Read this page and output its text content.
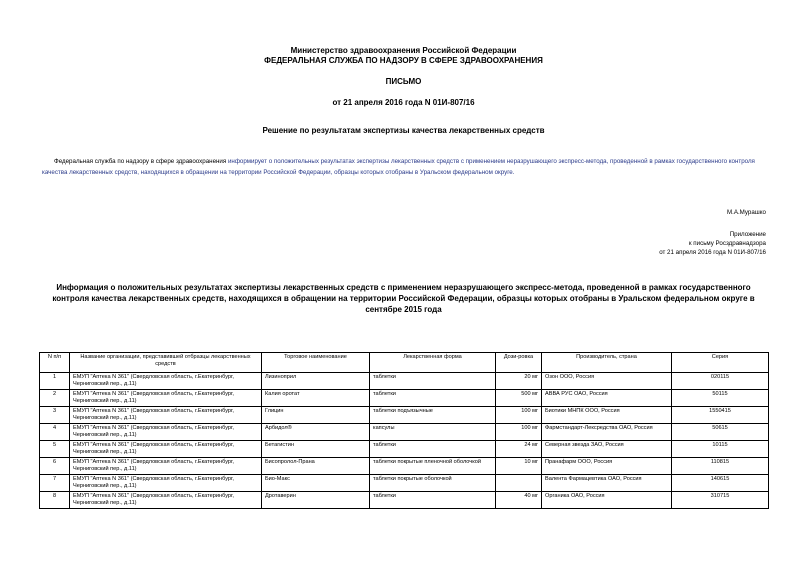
Министерство здравоохранения Российской Федерации
ФЕДЕРАЛЬНАЯ СЛУЖБА ПО НАДЗОРУ В СФЕРЕ ЗДРАВООХРАНЕНИЯ
ПИСЬМО
от 21 апреля 2016 года N 01И-807/16
Решение по результатам экспертизы качества лекарственных средств
Федеральная служба по надзору в сфере здравоохранения информирует о положительных результатах экспертизы лекарственных средств с применением неразрушающего экспресс-метода, проведенной в рамках государственного контроля качества лекарственных средств, находящихся в обращении на территории Российской Федерации, образцы которых отобраны в Уральском федеральном округе.
М.А.Мурашко
Приложение
к письму Росздравнадзора
от 21 апреля 2016 года N 01И-807/16
Информация о положительных результатах экспертизы лекарственных средств с применением неразрушающего экспресс-метода, проведенной в рамках государственного контроля качества лекарственных средств, находящихся в обращении на территории Российской Федерации, образцы которых отобраны в Уральском федеральном округе в сентябре 2015 года
N п/п	Название организации, представившей отбразцы лекарственных средств	Торговое наименование	Лекарственная форма	Дози-ровка	Производитель, страна	Серия
1	ЕМУП "Аптека N 361" (Свердловская область, г.Екатеринбург, Черниговский пер., д.11)	Лизиноприл	таблетки	20 мг	Озон ООО, Россия	020115
2	ЕМУП "Аптека N 361" (Свердловская область, г.Екатеринбург, Черниговский пер., д.11)	Калия оротат	таблетки	500 мг	АВВА РУС ОАО, Россия	50115
3	ЕМУП "Аптека N 361" (Свердловская область, г.Екатеринбург, Черниговский пер., д.11)	Глицин	таблетки подъязычные	100 мг	Биотики МНПК ООО, Россия	1550415
4	ЕМУП "Аптека N 361" (Свердловская область, г.Екатеринбург, Черниговский пер., д.11)	Арбидол®	капсулы	100 мг	Фармстандарт-Лексредства ОАО, Россия	50615
5	ЕМУП "Аптека N 361" (Свердловская область, г.Екатеринбург, Черниговский пер., д.11)	Бетагистин	таблетки	24 мг	Северная звезда ЗАО, Россия	10115
6	ЕМУП "Аптека N 361" (Свердловская область, г.Екатеринбург, Черниговский пер., д.11)	Бисопролол-Прана	таблетки покрытые пленочной оболочкой	10 мг	Пранафарм ООО, Россия	110815
7	ЕМУП "Аптека N 361" (Свердловская область, г.Екатеринбург, Черниговский пер., д.11)	Био-Макс	таблетки покрытые оболочкой		Валента Фармацевтика ОАО, Россия	140615
8	ЕМУП "Аптека N 361" (Свердловская область, г.Екатеринбург, Черниговский пер., д.11)	Дротаверин	таблетки	40 мг	Органика ОАО, Россия	310715
